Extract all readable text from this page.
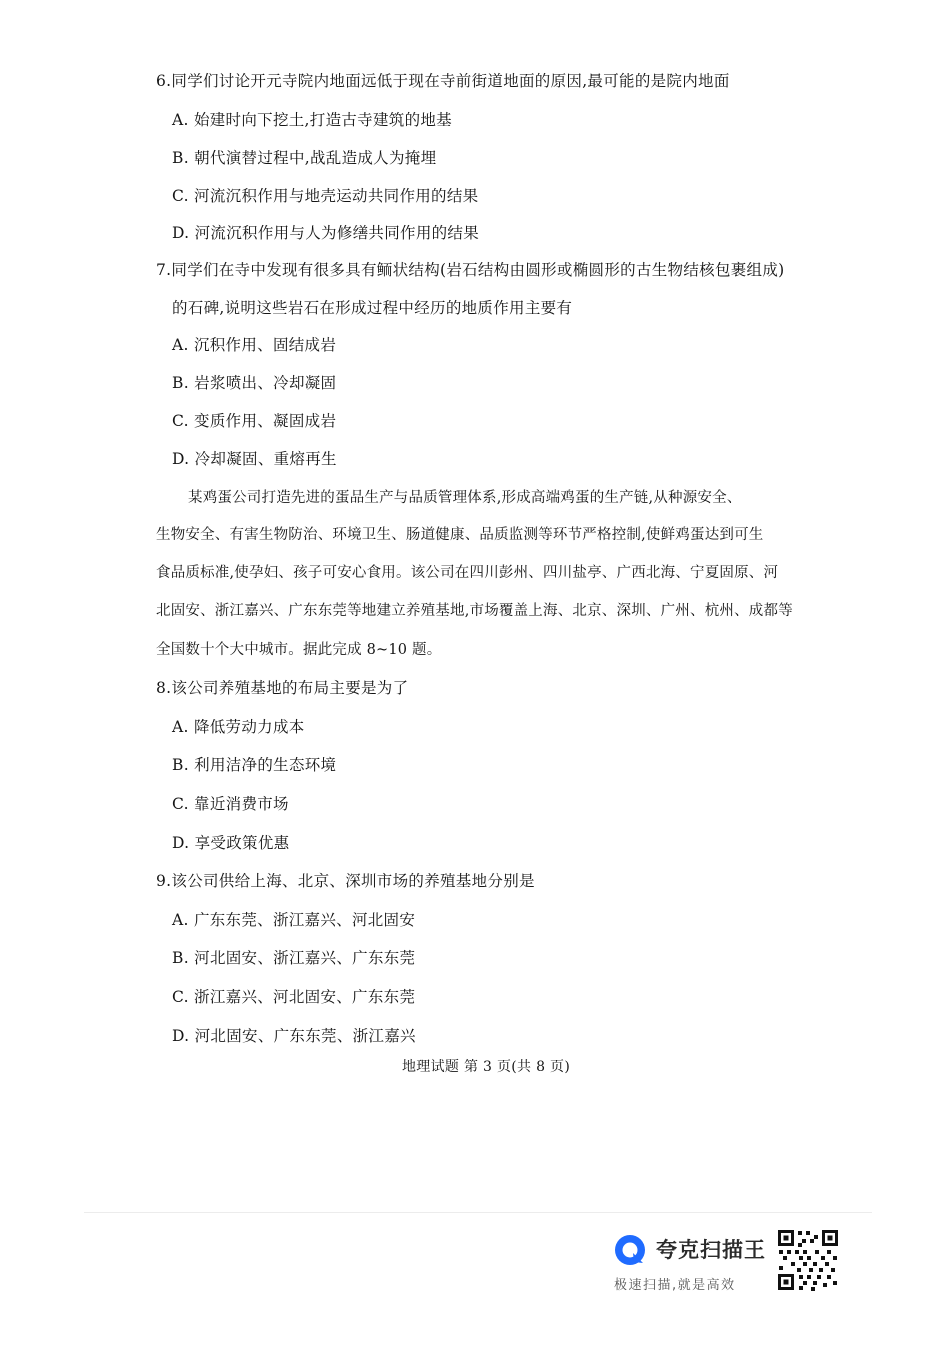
6.同学们讨论开元寺院内地面远低于现在寺前街道地面的原因,最可能的是院内地面
A. 始建时向下挖土,打造古寺建筑的地基
B. 朝代演替过程中,战乱造成人为掩埋
C. 河流沉积作用与地壳运动共同作用的结果
D. 河流沉积作用与人为修缮共同作用的结果
7.同学们在寺中发现有很多具有鲕状结构(岩石结构由圆形或椭圆形的古生物结核包裹组成)
的石碑,说明这些岩石在形成过程中经历的地质作用主要有
A. 沉积作用、固结成岩
B. 岩浆喷出、冷却凝固
C. 变质作用、凝固成岩
D. 冷却凝固、重熔再生
某鸡蛋公司打造先进的蛋品生产与品质管理体系,形成高端鸡蛋的生产链,从种源安全、
生物安全、有害生物防治、环境卫生、肠道健康、品质监测等环节严格控制,使鲜鸡蛋达到可生
食品质标准,使孕妇、孩子可安心食用。该公司在四川彭州、四川盐亭、广西北海、宁夏固原、河
北固安、浙江嘉兴、广东东莞等地建立养殖基地,市场覆盖上海、北京、深圳、广州、杭州、成都等
全国数十个大中城市。据此完成 8~10 题。
8.该公司养殖基地的布局主要是为了
A. 降低劳动力成本
B. 利用洁净的生态环境
C. 靠近消费市场
D. 享受政策优惠
9.该公司供给上海、北京、深圳市场的养殖基地分别是
A. 广东东莞、浙江嘉兴、河北固安
B. 河北固安、浙江嘉兴、广东东莞
C. 浙江嘉兴、河北固安、广东东莞
D. 河北固安、广东东莞、浙江嘉兴
地理试题 第 3 页(共 8 页)
夸克扫描王
极速扫描,就是高效
